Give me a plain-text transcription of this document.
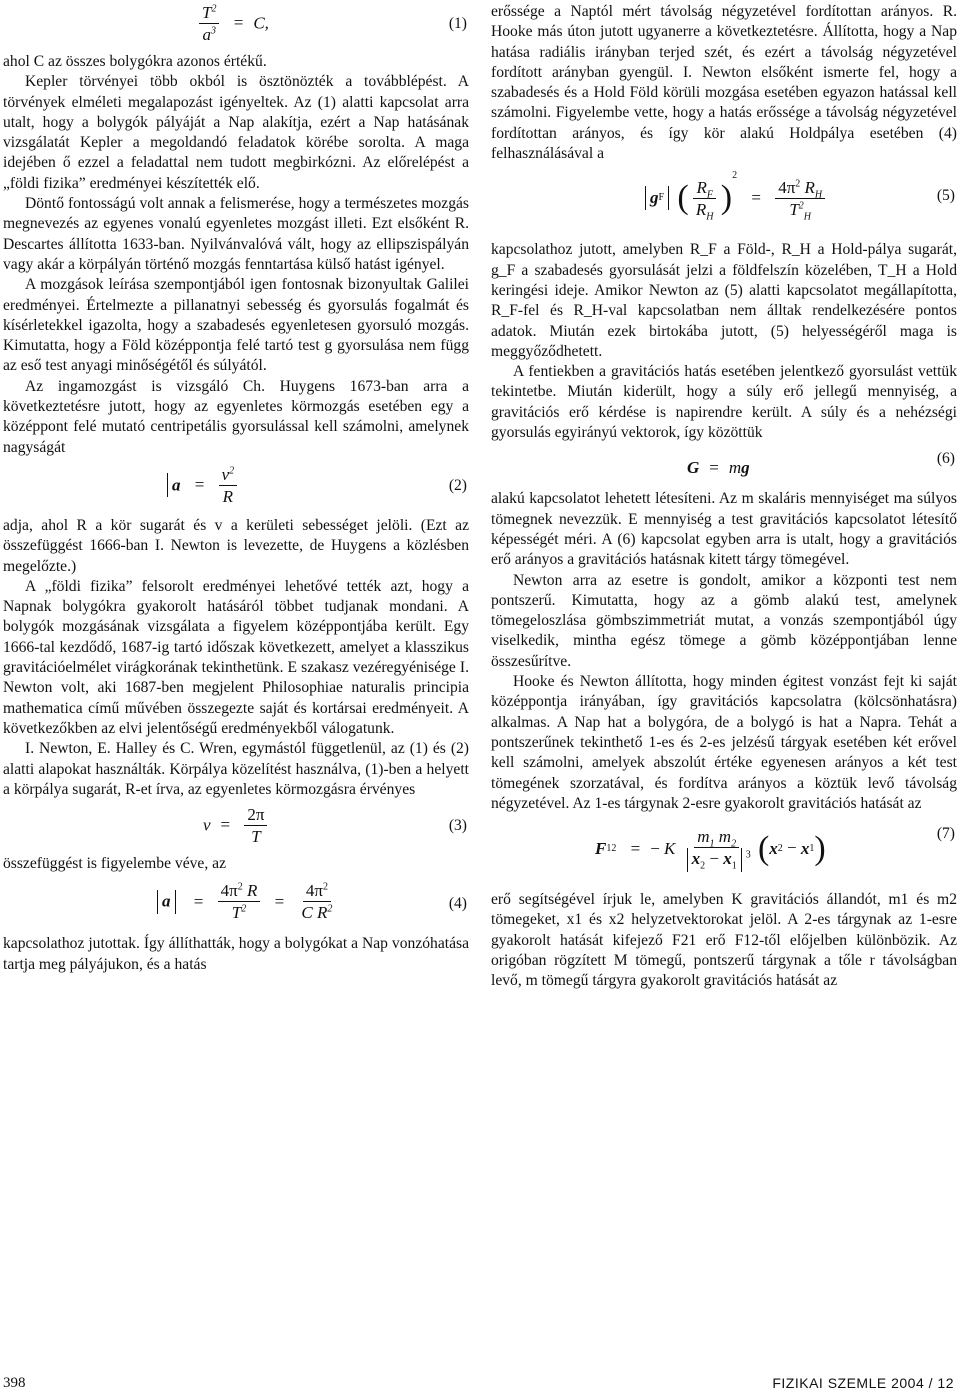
$\frac{T^2}{a^3} = C$,	(1)

ahol C az összes bolygókra azonos értékű.

Kepler törvényei több okból is ösztönözték a továbblépést. A törvények elméleti megalapozást igényeltek. Az (1) alatti kapcsolat arra utalt, hogy a bolygók pályáját a Nap alakítja, ezért a Nap hatásának vizsgálatát Kepler a megoldandó feladatok körébe sorolta. A maga idejében ő ezzel a feladattal nem tudott megbirkózni. Az előrelépést a „földi fizika” eredményei készítették elő.

Döntő fontosságú volt annak a felismerése, hogy a természetes mozgás megnevezés az egyenes vonalú egyenletes mozgást illeti. Ezt elsőként R. Descartes állította 1633-ban. Nyilvánvalóvá vált, hogy az ellipszispályán vagy akár a körpályán történő mozgás fenntartása külső hatást igényel.

A mozgások leírása szempontjából igen fontosnak bizonyultak Galilei eredményei. Értelmezte a pillanatnyi sebesség és gyorsulás fogalmát és kísérletekkel igazolta, hogy a szabadesés egyenletesen gyorsuló mozgás. Kimutatta, hogy a Föld középpontja felé tartó test g gyorsulása nem függ az eső test anyagi minőségétől és súlyától.

Az ingamozgást is vizsgáló Ch. Huygens 1673-ban arra a következtetésre jutott, hogy az egyenletes körmozgás esetében egy a középpont felé mutató centripetális gyorsulással kell számolni, amelynek nagyságát

$a = \frac{v^2}{R}$	(2)

adja, ahol R a kör sugarát és v a kerületi sebességet jelöli. (Ezt az összefüggést 1666-ban I. Newton is levezette, de Huygens a közlésben megelőzte.)

A „földi fizika” felsorolt eredményei lehetővé tették azt, hogy a Napnak bolygókra gyakorolt hatásáról többet tudjanak mondani. A bolygók mozgásának vizsgálata a figyelem középpontjába került. Egy 1666-tal kezdődő, 1687-ig tartó időszak következett, amelyet a klasszikus gravitációelmélet virágkorának tekinthetünk. E szakasz vezéregyénisége I. Newton volt, aki 1687-ben megjelent Philosophiae naturalis principia mathematica című művében összegezte saját és kortársai eredményeit. A következőkben az elvi jelentőségű eredményekből válogatunk.

I. Newton, E. Halley és C. Wren, egymástól függetlenül, az (1) és (2) alatti alapokat használták. Körpálya közelítést használva, (1)-ben a helyett a körpálya sugarát, R-et írva, az egyenletes körmozgásra érvényes

$v = \frac{2\pi}{T}$	(3)

összefüggést is figyelembe véve, az

$a = \frac{4\pi^2 R}{T^2} = \frac{4\pi^2}{C R^2}$	(4)

kapcsolathoz jutottak. Így állíthatták, hogy a bolygókat a Nap vonzóhatása tartja meg pályájukon, és a hatás

erőssége a Naptól mért távolság négyzetével fordítottan arányos. R. Hooke más úton jutott ugyanerre a következtetésre. Állította, hogy a Nap hatása radiális irányban terjed szét, és ezért a távolság négyzetével fordított arányban gyengül. I. Newton elsőként ismerte fel, hogy a szabadesés és a Hold Föld körüli mozgása esetében egyazon hatással kell számolni. Figyelembe vette, hogy a hatás erőssége a távolság négyzetével fordítottan arányos, és így kör alakú Holdpálya esetében (4) felhasználásával a

gF ( $\frac{R_F}{R_H} )^2 = \frac{4\pi^2 R_H}{T^2_H}$	(5)

kapcsolathoz jutott, amelyben R_F a Föld-, R_H a Hold-pálya sugarát, g_F a szabadesés gyorsulását jelzi a földfelszín közelében, T_H a Hold keringési ideje. Amikor Newton az (5) alatti kapcsolatot megállapította, R_F-fel és R_H-val kapcsolatban nem álltak rendelkezésére pontos adatok. Miután ezek birtokába jutott, (5) helyességéről maga is meggyőződhetett.

A fentiekben a gravitációs hatás esetében jelentkező gyorsulást vettük tekintetbe. Miután kiderült, hogy a súly erő jellegű mennyiség, a gravitációs erő kérdése is napirendre került. A súly és a nehézségi gyorsulás egyirányú vektorok, így közöttük

G = mg	(6)

alakú kapcsolatot lehetett létesíteni. Az m skaláris mennyiséget ma súlyos tömegnek nevezzük. E mennyiség a test gravitációs kapcsolatot létesítő képességét méri. A (6) kapcsolat egyben arra is utalt, hogy a gravitációs erő arányos a gravitációs hatásnak kitett tárgy tömegével.

Newton arra az esetre is gondolt, amikor a központi test nem pontszerű. Kimutatta, hogy az a gömb alakú test, amelynek tömegeloszlása gömbszimmetriát mutat, a vonzás szempontjából úgy viselkedik, mintha egész tömege a gömb középpontjában lenne összesűrítve.

Hooke és Newton állította, hogy minden égitest vonzást fejt ki saját középpontja irányában, így gravitációs kapcsolatra (kölcsönhatásra) alkalmas. A Nap hat a bolygóra, de a bolygó is hat a Napra. Tehát a pontszerűnek tekinthető 1-es és 2-es jelzésű tárgyak esetében két erővel kell számolni, amelyek abszolút értéke egyenesen arányos a két test tömegének szorzatával, és fordítva arányos a köztük levő távolság négyzetével. Az 1-es tárgynak 2-esre gyakorolt gravitációs hatását az

F12 = − K $\frac{m_1 m_2}{x_2 - x_1^3} (x2 - x1)$	(7)

erő segítségével írjuk le, amelyben K gravitációs állandót, m1 és m2 tömegeket, x1 és x2 helyzetvektorokat jelöl. A 2-es tárgynak az 1-esre gyakorolt hatását kifejező F21 erő F12-től előjelben különbözik. Az origóban rögzített M tömegű, pontszerű tárgynak a tőle r távolságban levő, m tömegű tárgyra gyakorolt gravitációs hatását az

398	FIZIKAI SZEMLE 2004 / 12
